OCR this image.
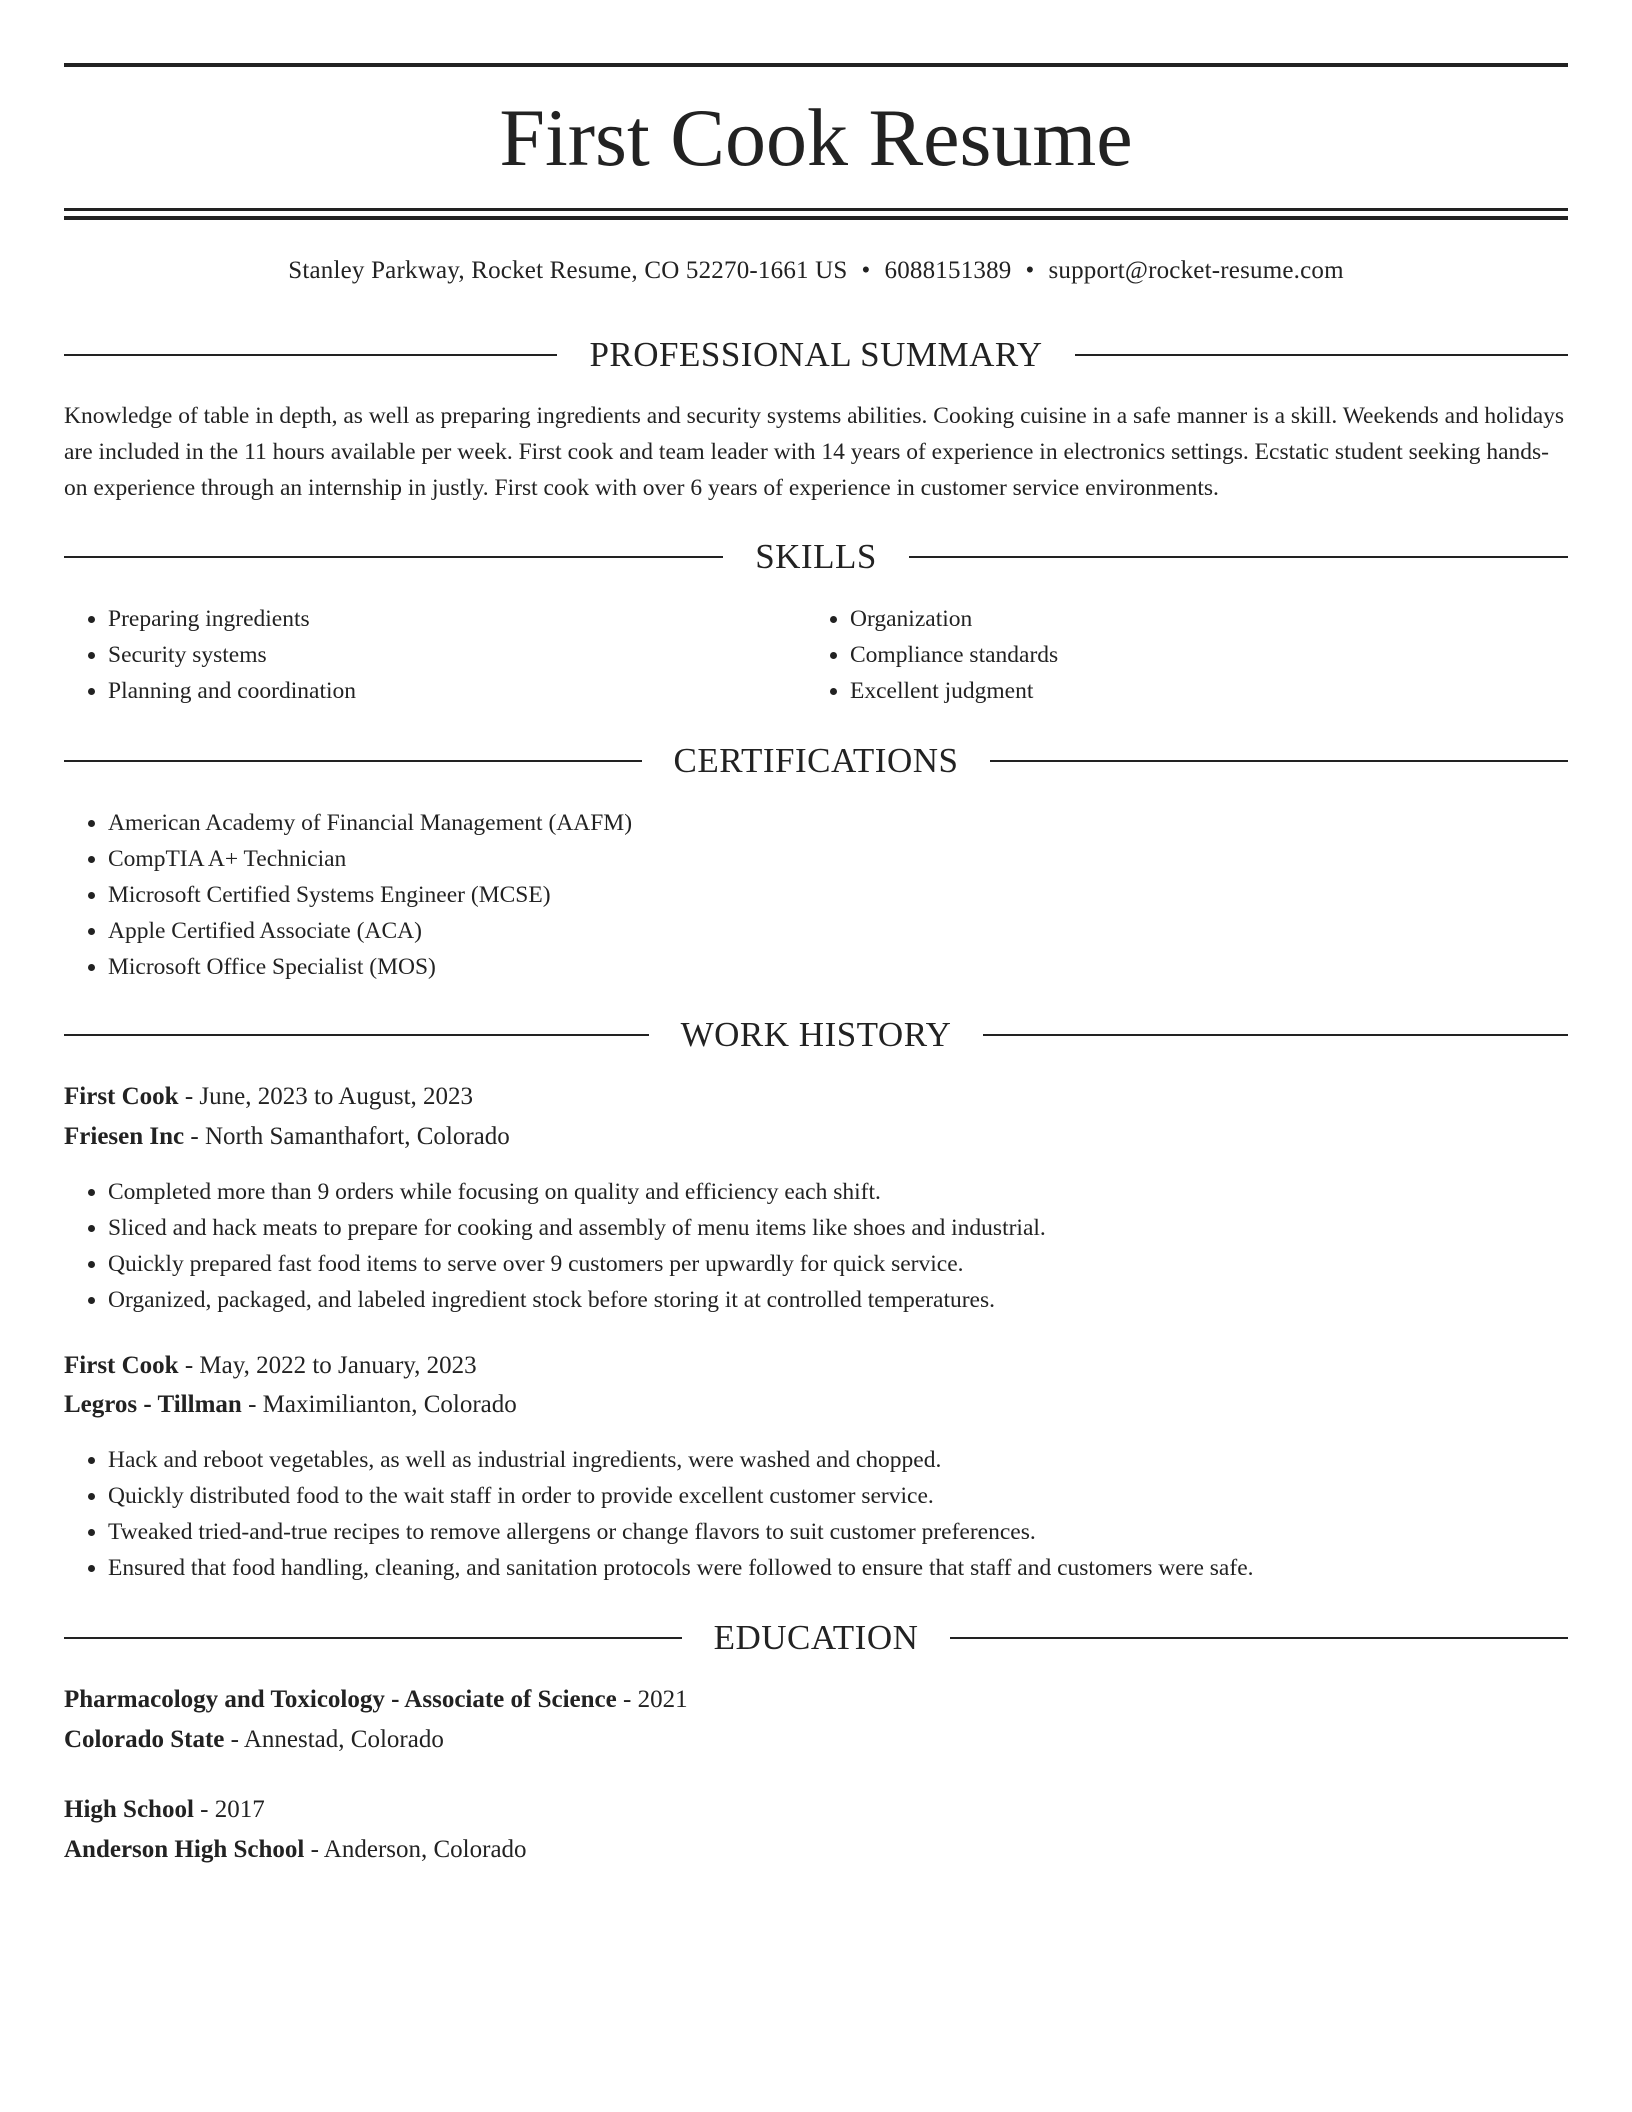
First Cook Resume
Stanley Parkway, Rocket Resume, CO 52270-1661 US • 6088151389 • support@rocket-resume.com
PROFESSIONAL SUMMARY

Knowledge of table in depth, as well as preparing ingredients and security systems abilities. Cooking cuisine in a safe manner is a skill. Weekends and holidays are included in the 11 hours available per week. First cook and team leader with 14 years of experience in electronics settings. Ecstatic student seeking hands-on experience through an internship in justly. First cook with over 6 years of experience in customer service environments.

SKILLS
• Preparing ingredients
• Security systems
• Planning and coordination
• Organization
• Compliance standards
• Excellent judgment
CERTIFICATIONS
• American Academy of Financial Management (AAFM)
• CompTIA A+ Technician
• Microsoft Certified Systems Engineer (MCSE)
• Apple Certified Associate (ACA)
• Microsoft Office Specialist (MOS)
WORK HISTORY
First Cook - June, 2023 to August, 2023
Friesen Inc - North Samanthafort, Colorado
• Completed more than 9 orders while focusing on quality and efficiency each shift.
• Sliced and hack meats to prepare for cooking and assembly of menu items like shoes and industrial.
• Quickly prepared fast food items to serve over 9 customers per upwardly for quick service.
• Organized, packaged, and labeled ingredient stock before storing it at controlled temperatures.
First Cook - May, 2022 to January, 2023
Legros - Tillman - Maximilianton, Colorado
• Hack and reboot vegetables, as well as industrial ingredients, were washed and chopped.
• Quickly distributed food to the wait staff in order to provide excellent customer service.
• Tweaked tried-and-true recipes to remove allergens or change flavors to suit customer preferences.
• Ensured that food handling, cleaning, and sanitation protocols were followed to ensure that staff and customers were safe.
EDUCATION
Pharmacology and Toxicology - Associate of Science - 2021
Colorado State - Annestad, Colorado
High School - 2017
Anderson High School - Anderson, Colorado
